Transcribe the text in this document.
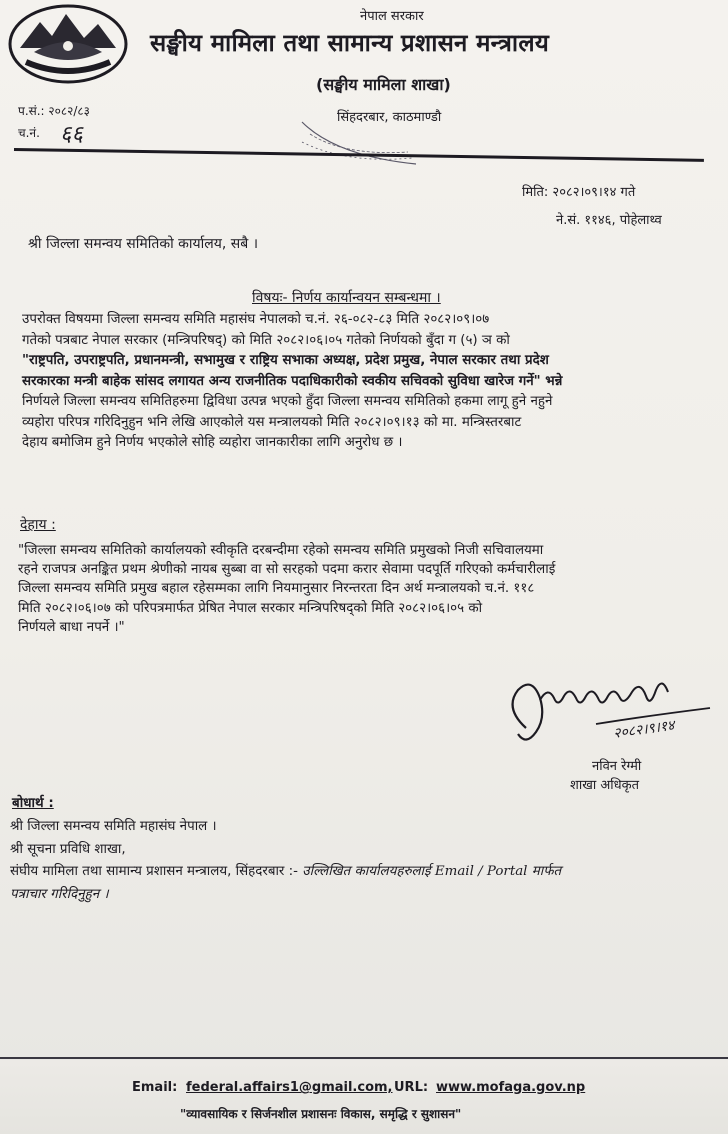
नेपाल सरकार
सङ्घीय मामिला तथा सामान्य प्रशासन मन्त्रालय
(सङ्घीय मामिला शाखा)
सिंहदरबार, काठमाण्डौ
प.सं.: २०८२/८३
च.नं. ६६
मिति: २०८२।०९।१४ गते
ने.सं. ११४६, पोहेलाथ्व
श्री जिल्ला समन्वय समितिको कार्यालय, सबै ।
विषयः- निर्णय कार्यान्वयन सम्बन्धमा ।
उपरोक्त विषयमा जिल्ला समन्वय समिति महासंघ नेपालको च.नं. २६-०८२-८३ मिति २०८२।०९।०७
गतेको पत्रबाट नेपाल सरकार (मन्त्रिपरिषद्) को मिति २०८२।०६।०५ गतेको निर्णयको बुँदा ग (५) ञ को
"राष्ट्रपति, उपराष्ट्रपति, प्रधानमन्त्री, सभामुख र राष्ट्रिय सभाका अध्यक्ष, प्रदेश प्रमुख, नेपाल सरकार तथा प्रदेश
सरकारका मन्त्री बाहेक सांसद लगायत अन्य राजनीतिक पदाधिकारीको स्वकीय सचिवको सुविधा खारेज गर्ने" भन्ने
निर्णयले जिल्ला समन्वय समितिहरुमा द्विविधा उत्पन्न भएको हुँदा जिल्ला समन्वय समितिको हकमा लागू हुने नहुने
व्यहोरा परिपत्र गरिदिनुहुन भनि लेखि आएकोले यस मन्त्रालयको मिति २०८२।०९।१३ को मा. मन्त्रिस्तरबाट
देहाय बमोजिम हुने निर्णय भएकोले सोहि व्यहोरा जानकारीका लागि अनुरोध छ ।
देहाय :
"जिल्ला समन्वय समितिको कार्यालयको स्वीकृति दरबन्दीमा रहेको समन्वय समिति प्रमुखको निजी सचिवालयमा
रहने राजपत्र अनङ्कित प्रथम श्रेणीको नायब सुब्बा वा सो सरहको पदमा करार सेवामा पदपूर्ति गरिएको कर्मचारीलाई
जिल्ला समन्वय समिति प्रमुख बहाल रहेसम्मका लागि नियमानुसार निरन्तरता दिन अर्थ मन्त्रालयको च.नं. ११८
मिति २०८२।०६।०७ को परिपत्रमार्फत प्रेषित नेपाल सरकार मन्त्रिपरिषद्को मिति २०८२।०६।०५ को
निर्णयले बाधा नपर्ने ।"
२०८२।९।१४
नविन रेग्मी
शाखा अधिकृत
बोधार्थ :
श्री जिल्ला समन्वय समिति महासंघ नेपाल ।
श्री सूचना प्रविधि शाखा,
संघीय मामिला तथा सामान्य प्रशासन मन्त्रालय, सिंहदरबार :- उल्लिखित कार्यालयहरुलाई Email / Portal मार्फत
पत्राचार गरिदिनुहुन ।
Email: federal.affairs1@gmail.com, URL: www.mofaga.gov.np
"व्यावसायिक र सिर्जनशील प्रशासनः विकास, समृद्धि र सुशासन"
